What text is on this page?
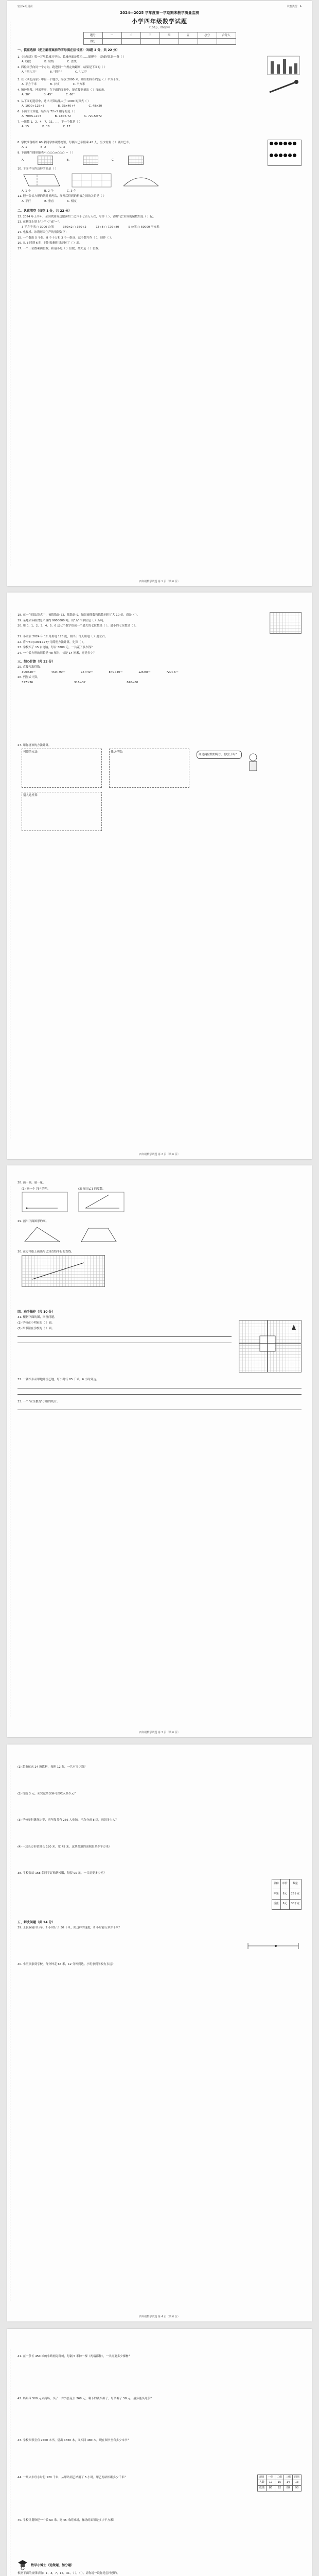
密封★启用前	试卷类型：A
2024—2025 学年度第一学期期末教学质量监测
小学四年级数学试题
（100分，80分钟）
题号	一	二	三	四	五	总分	合分人
得分							
一、慎重选择（把正确答案前的字母填在括号里）（每题 2 分，共 22 分）
1.《长城谣》唱一万里长城万里长，长城外面是故乡……图形中，长城好比是一条（ ）
A. 线段	B. 射线	C. 直线
2. 四位同学向同一个方向，跑进同一个规定的距离，结果是下面的（ ）
A. "四八万"	B. "四千"	C. "八万"
3. 在《西北高原》中有一个地方，海拔 2000 米，那里的面积约是（ ）平方千米。
A. 平方千米	B. 公顷	C. 平方米
4. 精神焕发，神采奕奕，在下面的图形中，能直接测量出（ ）度的角。
A. 30°	B. 45°	C. 60°
5. 从下面的选项中，选出计算结果大于 1000 的算式（ ）
A. 1000÷125×8	B. 25×40+4	C. 48×20
6. 下面的计算题，结果与 72×5 相等的是（ ）
A. 70×5+2×5	B. 72×6-72	C. 72+5×72
7. 一组数 1，2，4，7，11，…，下一个数是（ ）
A. 15	B. 16	C. 17
8. 学校准备组织 60 名同学参观博物馆，每辆大巴车限乘 45 人，至少需要（ ）辆大巴车。
A. 1	B. 2	C. 3
9. 下面哪个图形能表示 ○○○×○○○ ＝（ ）
A.	B.	C.
10. 下面平行四边形的高是（ ）
A. 1 个	B. 2 个	C. 3 个
11. 把一张长方形的纸对折两次，展开后得到的折痕之间的关系是（ ）
A. 平行	B. 垂直	C. 相交
二、认真填空（每空 1 分，共 22 分）
12. 2024 年上半年，全国铁路发送旅客约二亿六千七百万人次，写作（ ），省略"亿"后面的尾数约是（ ）亿。
13. 在横线上填上"＞""＜"或"＝"。
3 平方千米 ○ 3000 公顷	360×2 ○ 360+2	72÷8 ○ 720÷80	5 公顷 ○ 50000 平方米
14. 电视机、冰箱每天生产的情况如下：
15. 一个数由 5 个亿、8 个十万和 3 个一组成，这个数写作（ ），读作（ ）。
16. 从 3 时到 6 时，时针按顺时针旋转了（ ）度。
17. 一个三位数乘两位数，积最小是（ ）位数，最大是（ ）位数。
四年级数学试题 第 1 页（共 6 页）
18. 在一个除法算式中，被除数是 72，除数是 9，如果被除数和除数同时扩大 10 倍，商是（ ）。
19. 某地去年粮食总产量约 9000000 吨，用"万"作单位是（ ）万吨。
20. 用 0、1、2、3、4、5、6 这七个数字组成一个最大的七位数是（ ），最小的七位数是（ ）。
21. 小明家 2024 年 12 月用电 128 度，相当于每天用电（ ）度左右。
22. 将"78×(1001÷77)"用简便方法计算，先算（ ）。
23. 学校买了 15 台电脑，每台 3800 元，一共花了多少钱？
24. 一个长方形的周长是 48 厘米，长是 14 厘米，宽是多少？
三、细心计算（共 22 分）
25. 直接写出得数。
300×20＝	450÷90＝	15×40＝	840÷40＝	125×8＝	720÷6＝
26. 列竖式计算。
327×36	916÷37	840÷60
27. 用你喜欢的方法计算。
可能的方法：	我这样算：
商是两位数的除法，你会了吗？
别人这样算：
四年级数学试题 第 2 页（共 6 页）
28. 画一画，量一量。
(1) 画一个 75° 的角。	(2) 量出∠1 的度数。
29. 画出下面图形的高。
30. 在方格纸上画出与已知直线平行的直线。
四、动手操作（共 10 分）
31. 根据下面的图，回答问题。
(1) 学校在小明家的（ ）面。
(2) 图书馆在学校的（ ）面。
32. 一辆汽车从甲地开往乙地，每小时行 85 千米，6 小时到达。
33. 一个"安全教育"小组的统计。
四年级数学试题 第 3 页（共 6 页）
(1) 超市运来 24 箱饮料，每箱 12 瓶，一共有多少瓶？
(2) 每瓶 3 元，卖完这些饮料可以收入多少元？
(3) 学校举行跳绳比赛，四年级共有 256 人参加，平均分成 8 组，每组多少人？
(4) 一块长方形菜地长 120 米，宽 45 米，这块菜地的面积是多少平方米？
38. 学校要给 168 名同学订购新校服，每套 95 元，一共需要多少元？
品种	单价	数量
苹果	8元	25千克
香蕉	6元	30千克
五、解决问题（共 24 分）
39. 王叔叔骑自行车，2 小时行了 30 千米，照这样的速度，8 小时能行多少千米？
40. 小明从家到学校，每分钟走 65 米，12 分钟到达。小明家到学校有多远？
四年级数学试题 第 4 页（共 6 页）
41. 在一条长 450 米的小路两旁种树，每隔 5 米种一棵（两端都种），一共需要多少棵树？
42. 妈妈带 500 元去商场，买了一件外套花去 268 元，剩下的钱买裤子，每条裤子 58 元，最多能买几条？
43. 学校图书室有 2400 本书，借出 1350 本，又买回 480 本，现在图书室有多少本书？
44. 一列火车每小时行 120 千米，从甲站到乙站用了 5 小时，甲乙两站相距多少千米？	项目	一组	二组	三组	四组
人数	12	15	14	13
成绩	86	92	88	90
45. 学校计划修建一个长 60 米、宽 45 米的操场，操场的面积是多少平方米？
数学小博士（选做题，加分题）
根据下面的规律填数：1，3，7，15，31，（ ），（ ）。请你说一说你是怎样想的。
